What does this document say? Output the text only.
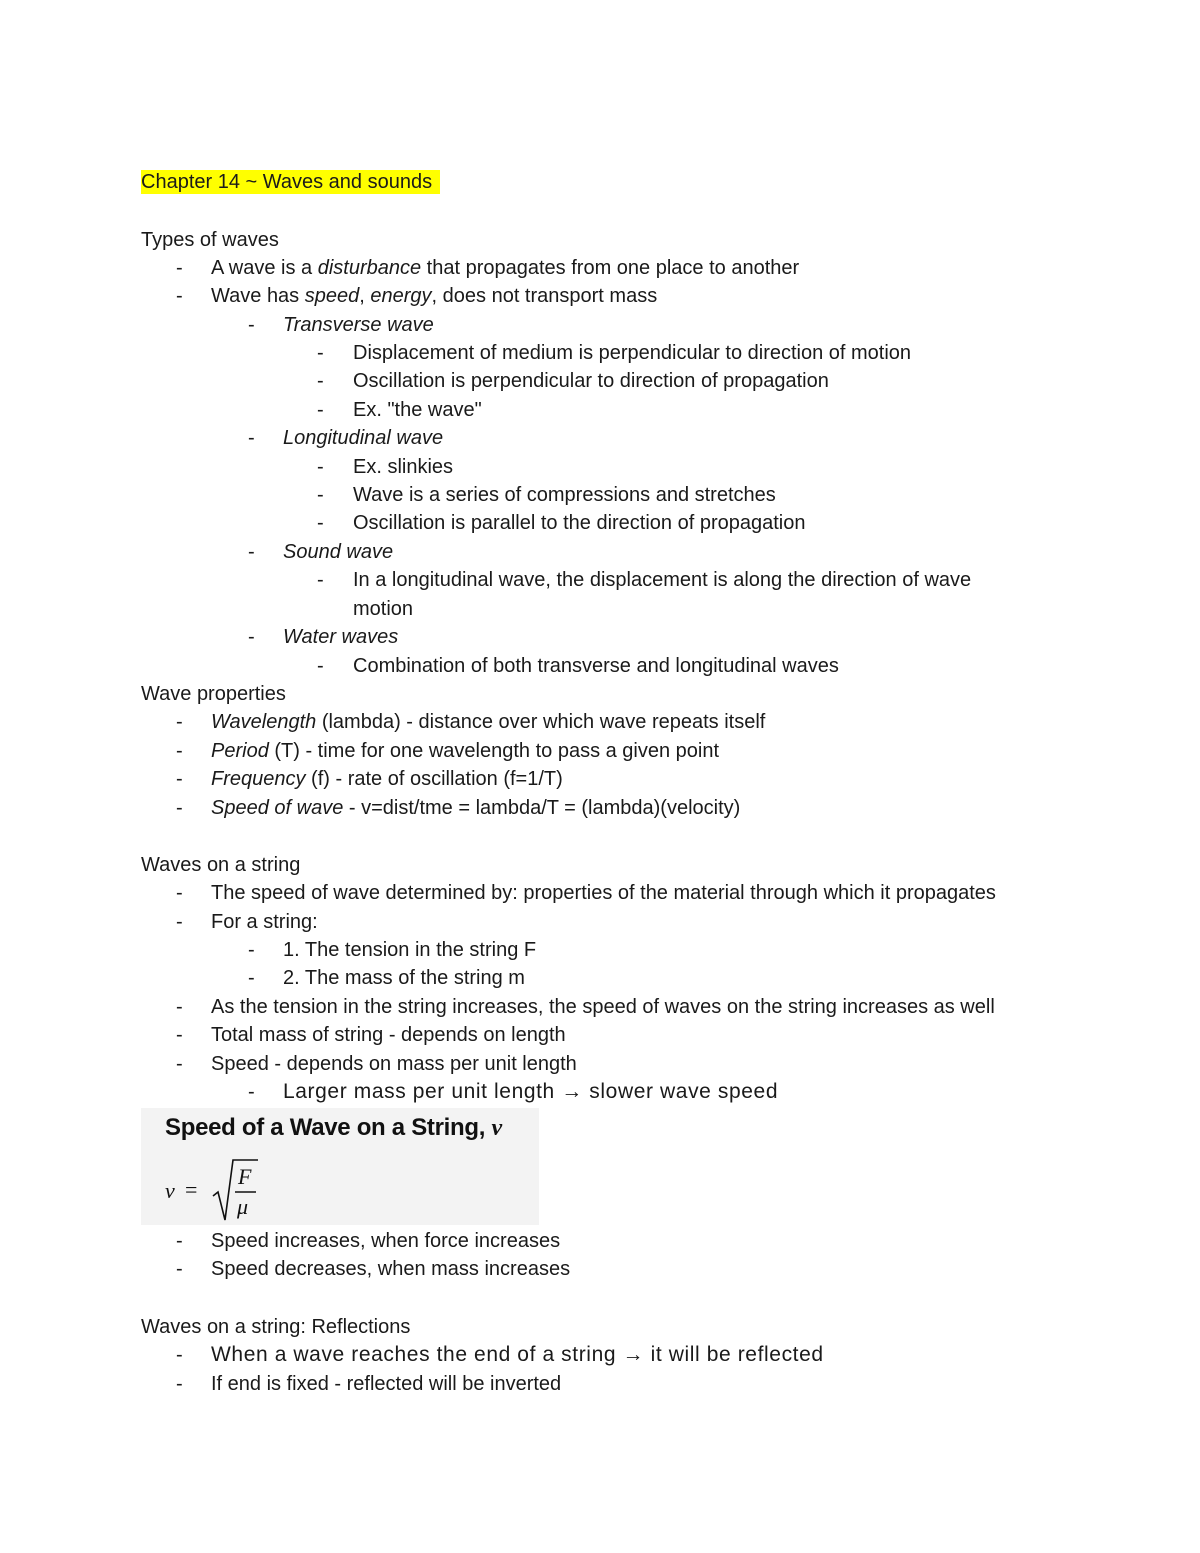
Chapter 14 ~ Waves and sounds
Types of waves
- A wave is a disturbance that propagates from one place to another
- Wave has speed, energy, does not transport mass
- Transverse wave
- Displacement of medium is perpendicular to direction of motion
- Oscillation is perpendicular to direction of propagation
- Ex. "the wave"
- Longitudinal wave
- Ex. slinkies
- Wave is a series of compressions and stretches
- Oscillation is parallel to the direction of propagation
- Sound wave
- In a longitudinal wave, the displacement is along the direction of wave
motion
- Water waves
- Combination of both transverse and longitudinal waves
Wave properties
- Wavelength (lambda) - distance over which wave repeats itself
- Period (T) - time for one wavelength to pass a given point
- Frequency (f) - rate of oscillation (f=1/T)
- Speed of wave - v=dist/tme = lambda/T = (lambda)(velocity)
Waves on a string
- The speed of wave determined by: properties of the material through which it propagates
- For a string:
- 1. The tension in the string F
- 2. The mass of the string m
- As the tension in the string increases, the speed of waves on the string increases as well
- Total mass of string - depends on length
- Speed - depends on mass per unit length
- Larger mass per unit length → slower wave speed
Speed of a Wave on a String, v
v =
F
μ
- Speed increases, when force increases
- Speed decreases, when mass increases
Waves on a string: Reflections
- When a wave reaches the end of a string → it will be reflected
- If end is fixed - reflected will be inverted
